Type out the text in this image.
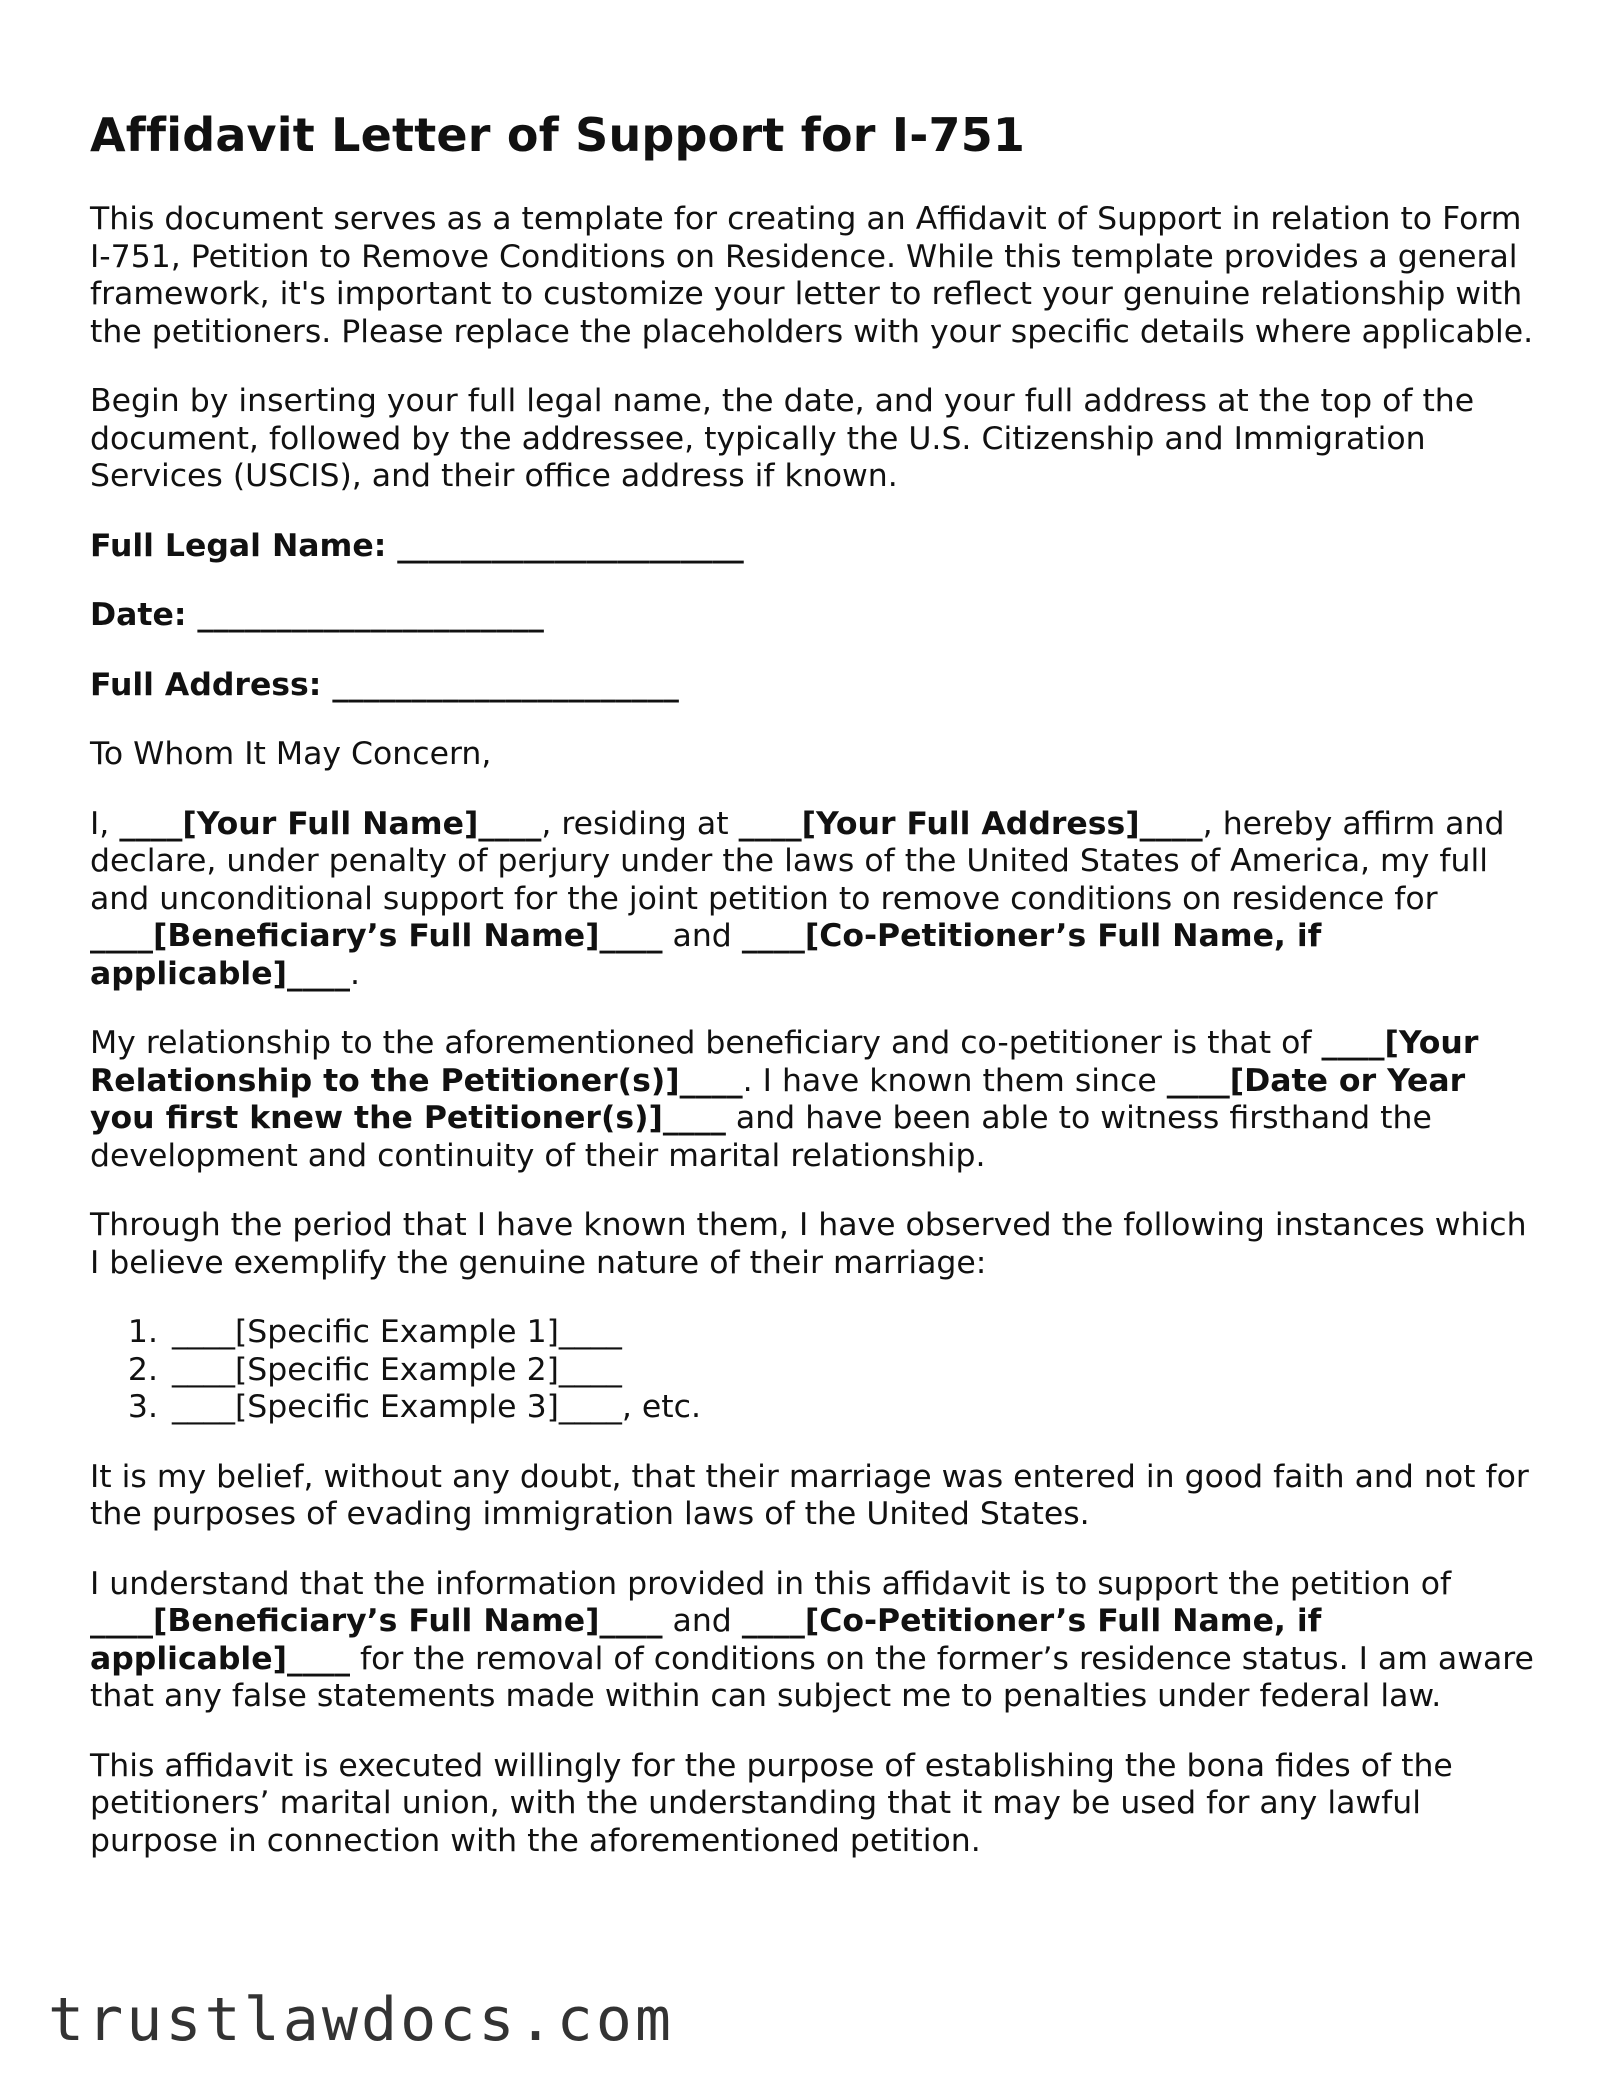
Affidavit Letter of Support for I-751

This document serves as a template for creating an Affidavit of Support in relation to Form I-751, Petition to Remove Conditions on Residence. While this template provides a general framework, it's important to customize your letter to reflect your genuine relationship with the petitioners. Please replace the placeholders with your specific details where applicable.

Begin by inserting your full legal name, the date, and your full address at the top of the document, followed by the addressee, typically the U.S. Citizenship and Immigration Services (USCIS), and their office address if known.

Full Legal Name: ______________________
Date: ______________________
Full Address: ______________________

To Whom It May Concern,

I, ____[Your Full Name]____, residing at ____[Your Full Address]____, hereby affirm and declare, under penalty of perjury under the laws of the United States of America, my full and unconditional support for the joint petition to remove conditions on residence for ____[Beneficiary’s Full Name]____ and ____[Co-Petitioner’s Full Name, if applicable]____.

My relationship to the aforementioned beneficiary and co-petitioner is that of ____[Your Relationship to the Petitioner(s)]____. I have known them since ____[Date or Year you first knew the Petitioner(s)]____ and have been able to witness firsthand the development and continuity of their marital relationship.

Through the period that I have known them, I have observed the following instances which I believe exemplify the genuine nature of their marriage:

1. ____[Specific Example 1]____
2. ____[Specific Example 2]____
3. ____[Specific Example 3]____, etc.

It is my belief, without any doubt, that their marriage was entered in good faith and not for the purposes of evading immigration laws of the United States.

I understand that the information provided in this affidavit is to support the petition of ____[Beneficiary’s Full Name]____ and ____[Co-Petitioner’s Full Name, if applicable]____ for the removal of conditions on the former’s residence status. I am aware that any false statements made within can subject me to penalties under federal law.

This affidavit is executed willingly for the purpose of establishing the bona fides of the petitioners’ marital union, with the understanding that it may be used for any lawful purpose in connection with the aforementioned petition.

trustlawdocs.com
